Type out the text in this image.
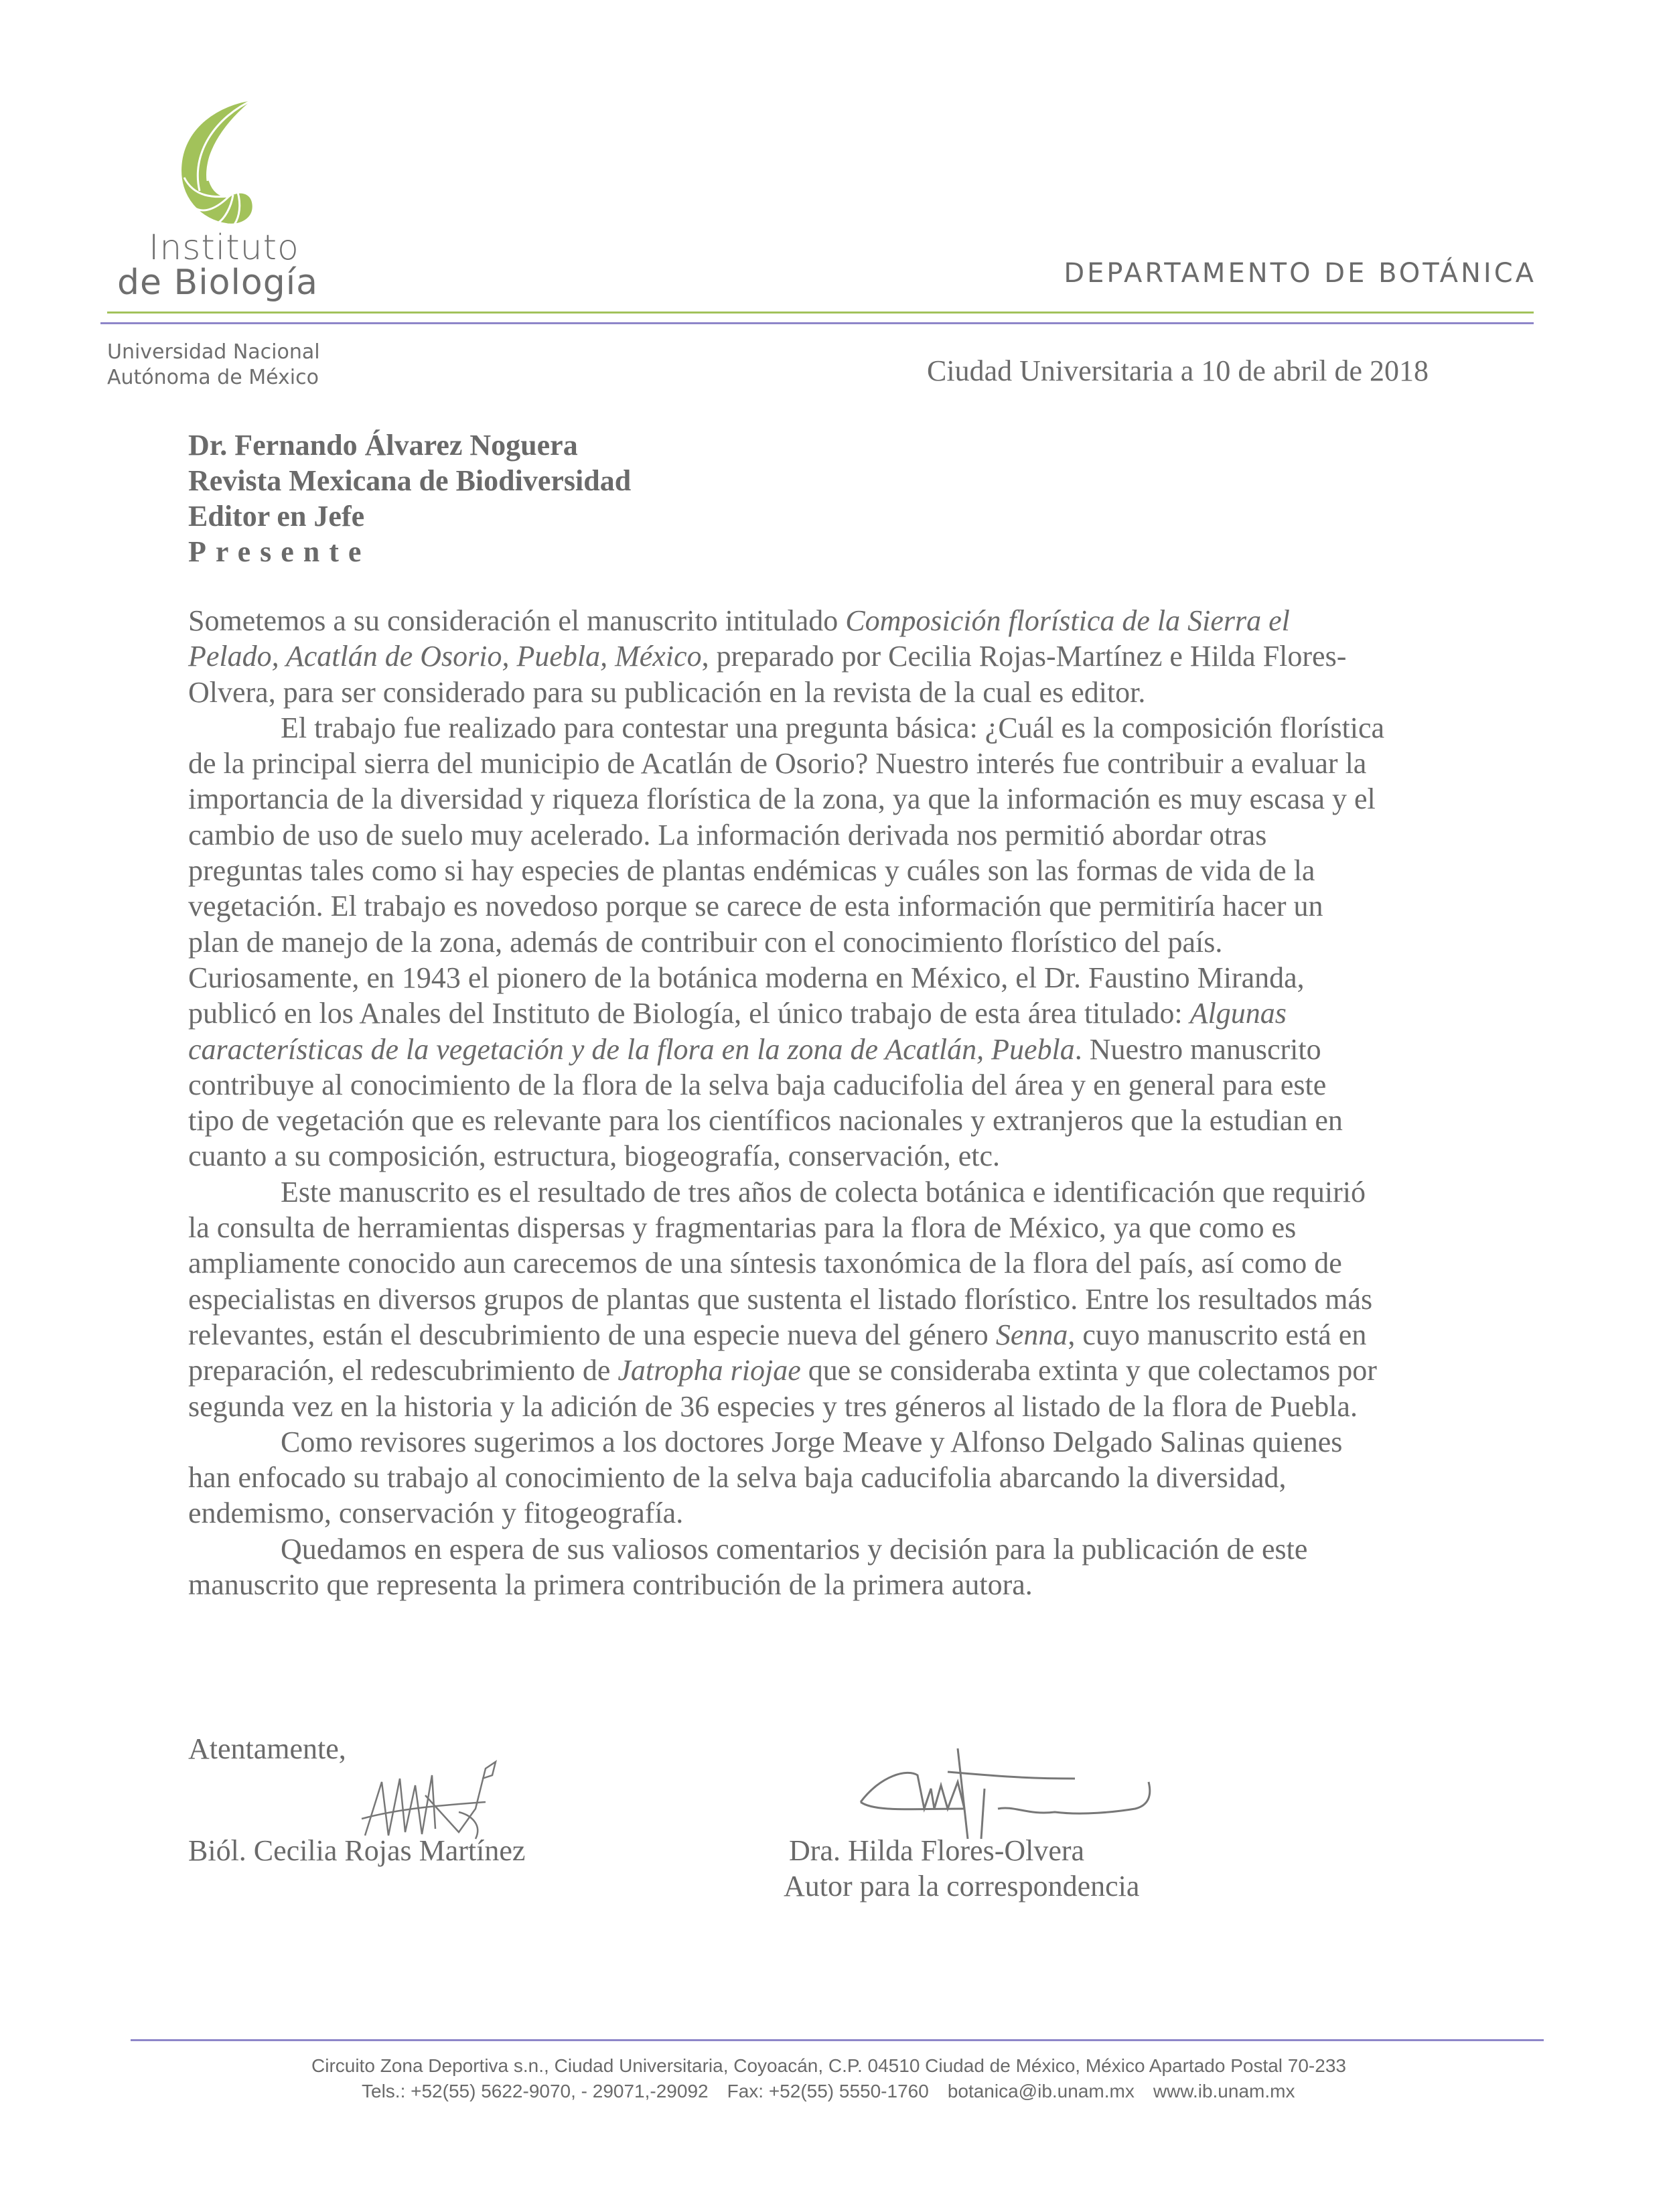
Instituto
de Biología	DEPARTAMENTO DE BOTÁNICA
Universidad Nacional
Autónoma de México	Ciudad Universitaria a 10 de abril de 2018
Dr. Fernando Álvarez Noguera
Revista Mexicana de Biodiversidad
Editor en Jefe
Presente

Sometemos a su consideración el manuscrito intitulado Composición florística de la Sierra el

Pelado, Acatlán de Osorio, Puebla, México, preparado por Cecilia Rojas-Martínez e Hilda Flores-

Olvera, para ser considerado para su publicación en la revista de la cual es editor.

El trabajo fue realizado para contestar una pregunta básica: ¿Cuál es la composición florística

de la principal sierra del municipio de Acatlán de Osorio? Nuestro interés fue contribuir a evaluar la

importancia de la diversidad y riqueza florística de la zona, ya que la información es muy escasa y el

cambio de uso de suelo muy acelerado. La información derivada nos permitió abordar otras

preguntas tales como si hay especies de plantas endémicas y cuáles son las formas de vida de la

vegetación. El trabajo es novedoso porque se carece de esta información que permitiría hacer un

plan de manejo de la zona, además de contribuir con el conocimiento florístico del país.

Curiosamente, en 1943 el pionero de la botánica moderna en México, el Dr. Faustino Miranda,

publicó en los Anales del Instituto de Biología, el único trabajo de esta área titulado: Algunas

características de la vegetación y de la flora en la zona de Acatlán, Puebla. Nuestro manuscrito

contribuye al conocimiento de la flora de la selva baja caducifolia del área y en general para este

tipo de vegetación que es relevante para los científicos nacionales y extranjeros que la estudian en

cuanto a su composición, estructura, biogeografía, conservación, etc.

Este manuscrito es el resultado de tres años de colecta botánica e identificación que requirió

la consulta de herramientas dispersas y fragmentarias para la flora de México, ya que como es

ampliamente conocido aun carecemos de una síntesis taxonómica de la flora del país, así como de

especialistas en diversos grupos de plantas que sustenta el listado florístico. Entre los resultados más

relevantes, están el descubrimiento de una especie nueva del género Senna, cuyo manuscrito está en

preparación, el redescubrimiento de Jatropha riojae que se consideraba extinta y que colectamos por

segunda vez en la historia y la adición de 36 especies y tres géneros al listado de la flora de Puebla.

Como revisores sugerimos a los doctores Jorge Meave y Alfonso Delgado Salinas quienes

han enfocado su trabajo al conocimiento de la selva baja caducifolia abarcando la diversidad,

endemismo, conservación y fitogeografía.

Quedamos en espera de sus valiosos comentarios y decisión para la publicación de este

manuscrito que representa la primera contribución de la primera autora.

Atentamente,
Biól. Cecilia Rojas Martínez	Dra. Hilda Flores-Olvera
Autor para la correspondencia
Circuito Zona Deportiva s.n., Ciudad Universitaria, Coyoacán, C.P. 04510 Ciudad de México, México Apartado Postal 70-233
Tels.: +52(55) 5622-9070, - 29071,-29092 Fax: +52(55) 5550-1760 botanica@ib.unam.mx www.ib.unam.mx
